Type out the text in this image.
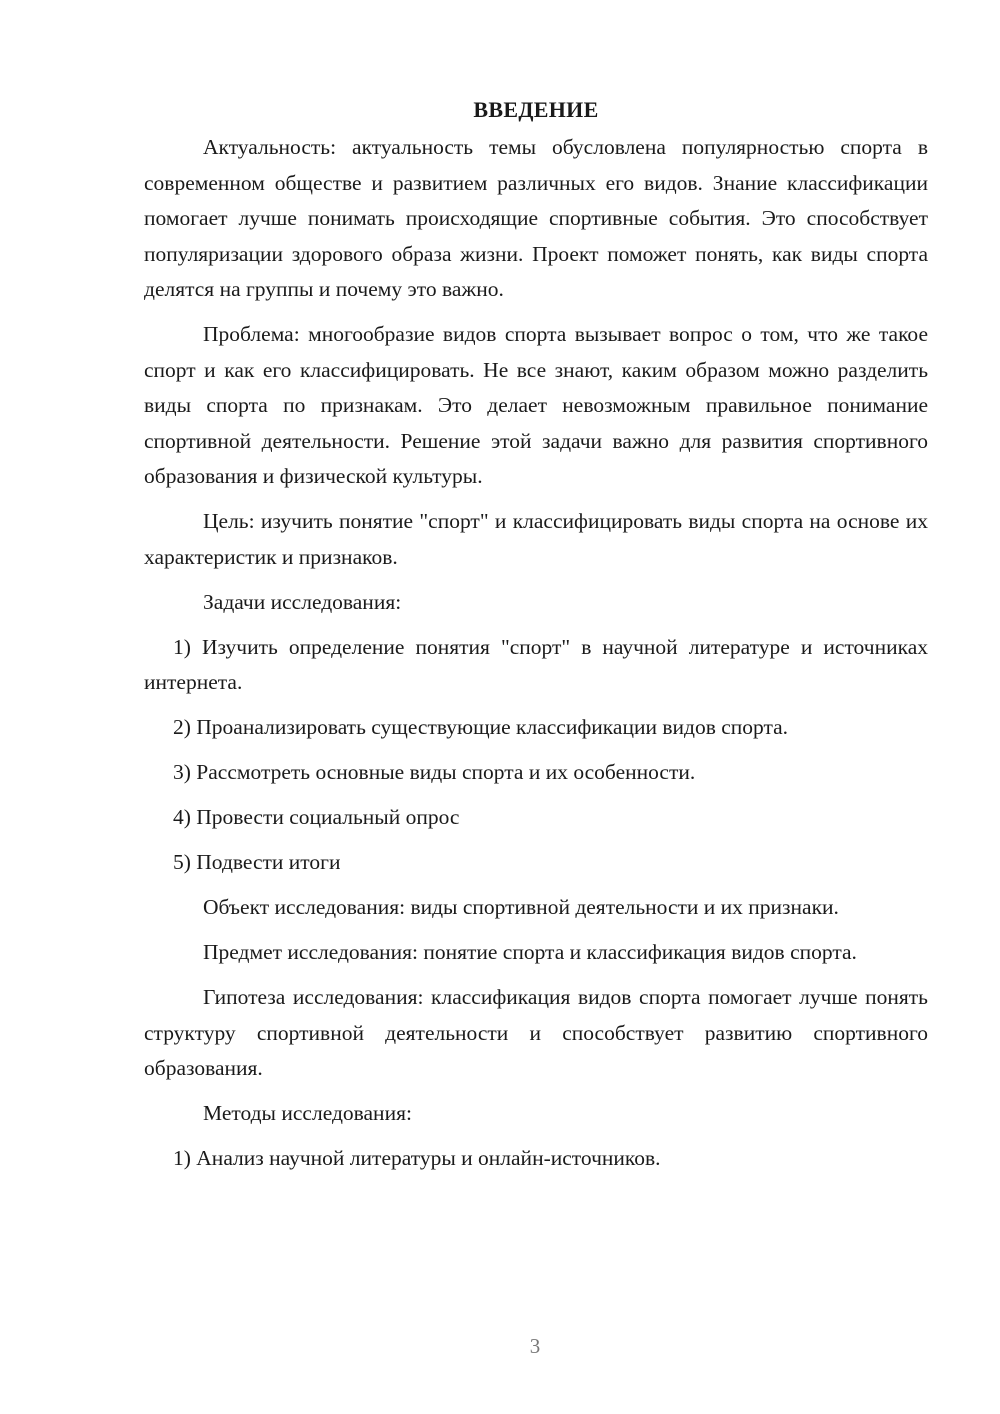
ВВЕДЕНИЕ

Актуальность: актуальность темы обусловлена популярностью спорта в современном обществе и развитием различных его видов. Знание классификации помогает лучше понимать происходящие спортивные события. Это способствует популяризации здорового образа жизни. Проект поможет понять, как виды спорта делятся на группы и почему это важно.

Проблема: многообразие видов спорта вызывает вопрос о том, что же такое спорт и как его классифицировать. Не все знают, каким образом можно разделить виды спорта по признакам. Это делает невозможным правильное понимание спортивной деятельности. Решение этой задачи важно для развития спортивного образования и физической культуры.

Цель: изучить понятие "спорт" и классифицировать виды спорта на основе их характеристик и признаков.

Задачи исследования:

1) Изучить определение понятия "спорт" в научной литературе и источниках интернета.

2) Проанализировать существующие классификации видов спорта.

3) Рассмотреть основные виды спорта и их особенности.

4) Провести социальный опрос

5) Подвести итоги

Объект исследования: виды спортивной деятельности и их признаки.

Предмет исследования: понятие спорта и классификация видов спорта.

Гипотеза исследования: классификация видов спорта помогает лучше понять структуру спортивной деятельности и способствует развитию спортивного образования.

Методы исследования:

1) Анализ научной литературы и онлайн-источников.

3
